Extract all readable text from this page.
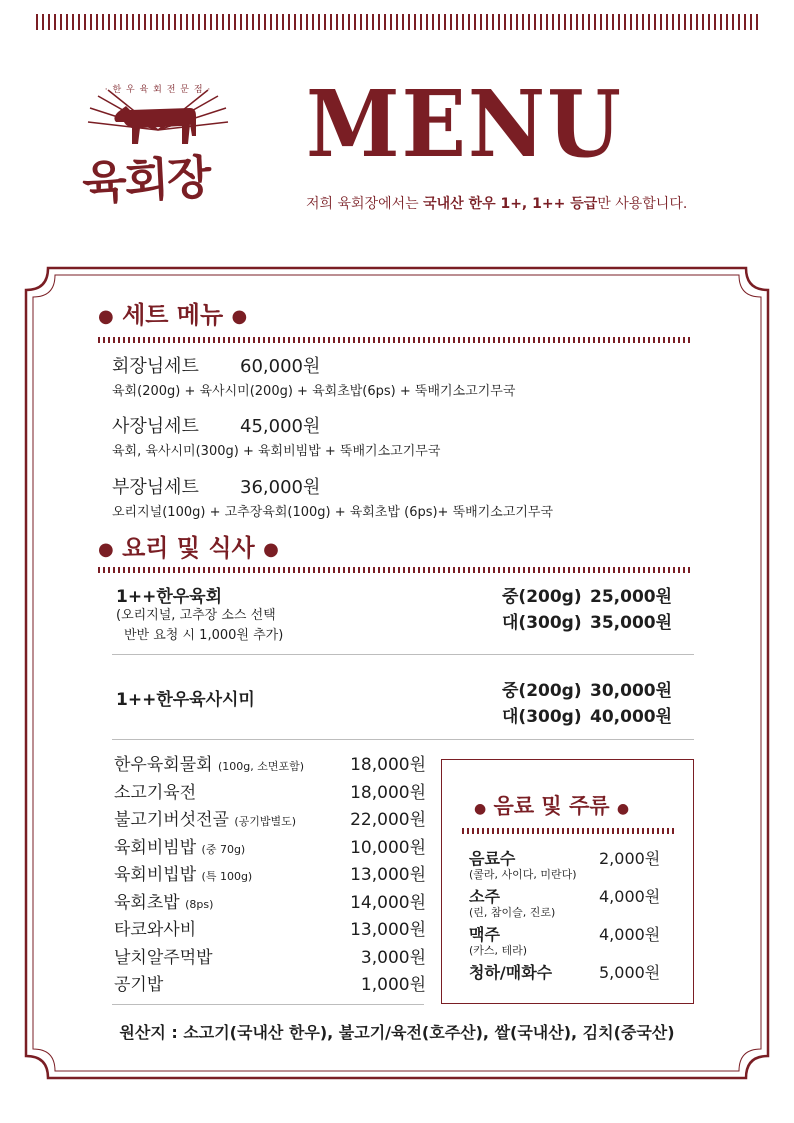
· 한 우 육 회 전 문 점 ·
육회장
MENU
저희 육회장에서는 국내산 한우 1+, 1++ 등급만 사용합니다.
● 세트 메뉴 ●
회장님세트 60,000원
육회(200g) + 육사시미(200g) + 육회초밥(6ps) + 뚝배기소고기무국
사장님세트 45,000원
육회, 육사시미(300g) + 육회비빔밥 + 뚝배기소고기무국
부장님세트 36,000원
오리지널(100g) + 고추장육회(100g) + 육회초밥 (6ps)+ 뚝배기소고기무국
● 요리 및 식사 ●
1++한우육회
(오리지널, 고추장 소스 선택
반반 요청 시 1,000원 추가)
중(200g) 25,000원
대(300g) 35,000원
1++한우육사시미	중(200g) 30,000원
대(300g) 40,000원
한우육회물회 (100g, 소면포함)	18,000원
소고기육전	18,000원
불고기버섯전골 (공기밥별도)	22,000원
육회비빔밥 (중 70g)	10,000원
육회비빕밥 (특 100g)	13,000원
육회초밥 (8ps)	14,000원
타코와사비	13,000원
날치알주먹밥	3,000원
공기밥	1,000원
● 음료 및 주류 ●
음료수	2,000원
(콜라, 사이다, 미란다)
소주	4,000원
(린, 참이슬, 진로)
맥주	4,000원
(카스, 테라)
청하/매화수	5,000원
원산지 : 소고기(국내산 한우), 불고기/육전(호주산), 쌀(국내산), 김치(중국산)
